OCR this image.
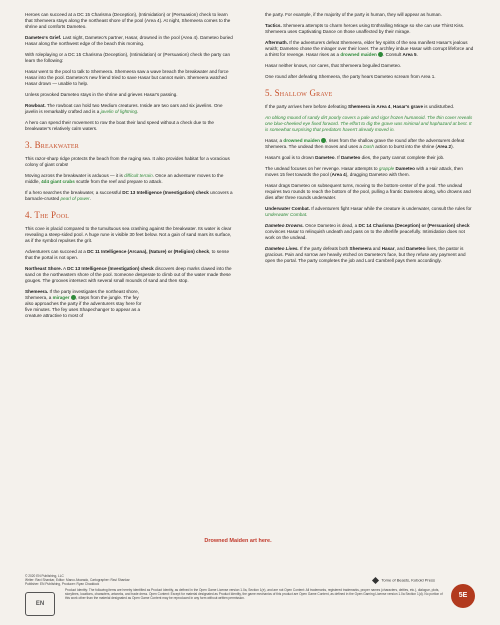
Heroes can succeed at a DC 15 Charisma (Deception), (Intimidation) or (Persuasion) check to learn that Shemeera stays along the northeast shore of the pool (Area 4). At night, Shemeera comes to the shrine and comforts Dameteo.

Dameteo's Grief. Last night, Dameteo's partner, Hasar, drowned in the pool (Area 4). Dameteo buried Hasar along the northwest edge of the beach this morning.

With roleplaying or a DC 15 Charisma (Deception), (Intimidation) or (Persuasion) check the party can learn the following:

Hasar went to the pool to talk to Shemeera. Shemeera saw a wave breach the breakwater and force Hasar into the pool. Dameteo's new friend tried to save Hasar but cannot swim. Shemeera watched Hasar drown — unable to help.

Unless provoked Dameteo stays in the shrine and grieves Hasar's passing.

Rowboat. The rowboat can hold two Medium creatures. Inside are two oars and six javelins. One javelin is remarkably crafted and is a javelin of lightning.

A hero can spend their movement to row the boat their land speed without a check due to the breakwater's relatively calm waters.

3. Breakwater

This razor-sharp ridge protects the beach from the raging sea. It also provides habitat for a voracious colony of giant crabs!

Moving across the breakwater is arduous — it is difficult terrain. Once an adventurer moves to the middle, 4d4 giant crabs scuttle from the reef and prepare to attack.

If a hero searches the breakwater, a successful DC 13 Intelligence (Investigation) check uncovers a barnacle-crusted pearl of power.

4. The Pool

This cove is placid compared to the tumultuous sea crashing against the breakwater. Its water is clear revealing a steep-sided pool. A huge rune is visible 30 feet below. Not a gain of sand mars its surface, as if the symbol repulses the grit.

Adventurers can succeed at a DC 11 Intelligence (Arcana), (Nature) or (Religion) check, to sense that the portal is not open.

Northeast Shore. A DC 13 Intelligence (Investigation) check discovers deep marks clawed into the sand on the northeastern shore of the pool. Someone desperate to climb out of the water made these gouges. The grooves intersect with several small mounds of sand and then stop.

Shemeera. If the party investigates the northeast shore, Shemeera, a mirager , steps from the jungle. The fey also approaches the party if the adventurers stay here for five minutes. The fey uses Shapechanger to appear as a creature attractive to most of

the party. For example, if the majority of the party is human, they will appear as human.

Tactics. Shemeera attempts to charm heroes using Enthralling Mirage so she can use Thirst Kiss. Shemeera uses Captivating Dance on those unaffected by their mirage.

Aftermath. If the adventurers defeat Shemeera, elder fey spirits of the sea manifest Hasar's jealous wraith; Dameteo chose the mirager over their lover. The archfey imbue Hasar with corrupt lifeforce and a thirst for revenge. Hasar rises as a drowned maiden . Consult Area 5.

Hasar neither knows, nor cares, that Shemeera beguiled Dameteo.

One round after defeating Shemeera, the party hears Dameteo scream from Area 1.

5. Shallow Grave

If the party arrives here before defeating Shemeera in Area 4, Hasar's grave is undisturbed.

An oblong mound of sandy dirt poorly covers a pale and rigor frozen humanoid. The thin cover reveals one blue-cheeked eye fixed forward. The effort to dig the grave was minimal and haphazard at best. It is somewhat surprising that predators haven't already moved in.

Hasar, a drowned maiden , rises from the shallow grave the round after the adventurers defeat Shemeera. The undead then moves and uses a Dash action to burst into the shrine (Area 2).

Hasar's goal is to drown Dameteo. If Dameteo dies, the party cannot complete their job.

The undead focuses on her revenge. Hasar attempts to grapple Dameteo with a Hair attack, then moves 15 feet towards the pool (Area 4), dragging Dameteo with them.

Hasar drags Dameteo on subsequent turns, moving to the bottom-center of the pool. The undead requires two rounds to reach the bottom of the pool, pulling a frantic Dameteo along, who drowns and dies after three rounds underwater.

Underwater Combat. If adventurers fight Hasar while the creature is underwater, consult the rules for Underwater Combat.

Dameteo Drowns. Once Dameteo is dead, a DC 14 Charisma (Deception) or (Persuasion) check convinces Hasar to relinquish undeath and pass on to the afterlife peacefully. Intimidation does not work on the undead.

Dameteo Lives. If the party defeats both Shemeera and Hasar, and Dameteo lives, the pastor is gracious. Pain and sorrow are heavily etched on Dameteo's face, but they refuse any payment and open the portal. The party completes the job and Lord Cambrell pays them accordingly.

Drowned Maiden art here.
© 2020 EN Publishing, LLC
Writer: Ravi Shankar, Editor: Marco Alvarado, Cartographer: Ravi Shankar
Publisher: EN Publishing, Producer: Ryan Chaddock
Tome of Beasts, Kobold Press
EN
Product Identity: The following items are hereby identified as Product Identity, as defined in the Open Game License version 1.0a, Section 1(e), and are not Open Content: All trademarks, registered trademarks, proper names (characters, deities, etc.), dialogue, plots, storylines, locations, characters, artworks, and trade dress. Open Content: Except for material designated as Product Identity, the game mechanics of this product are Open Game Content, as defined in the Open Gaming License version 1.0a Section 1(d). No portion of this work other than the material designated as Open Game Content may be reproduced in any form without written permission.	5E
